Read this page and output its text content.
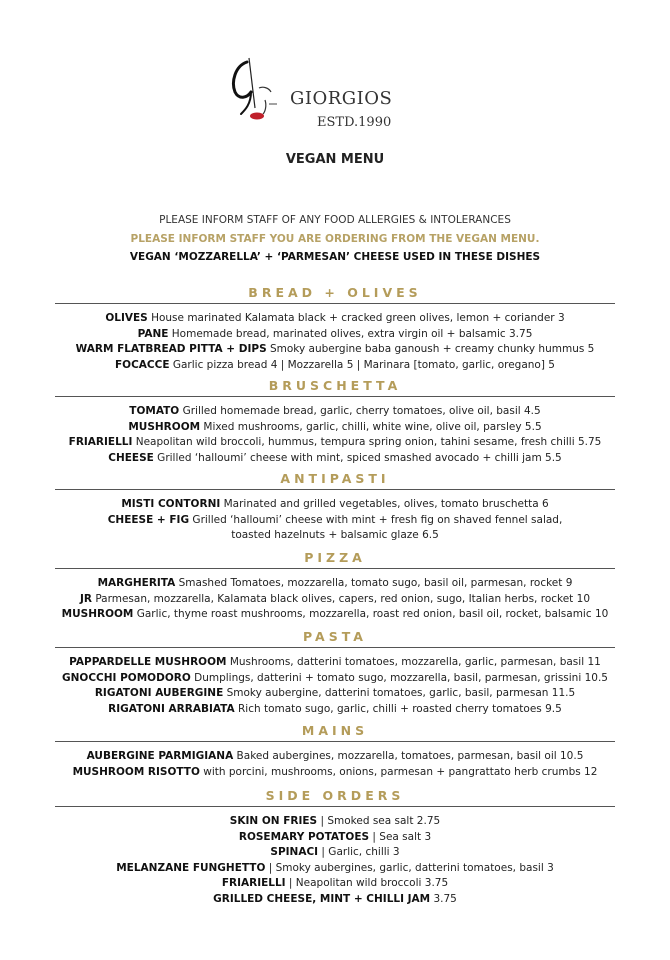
GIORGIOS
ESTD.1990
VEGAN MENU
PLEASE INFORM STAFF OF ANY FOOD ALLERGIES & INTOLERANCES
PLEASE INFORM STAFF YOU ARE ORDERING FROM THE VEGAN MENU.
VEGAN ‘MOZZARELLA’ + ‘PARMESAN’ CHEESE USED IN THESE DISHES
BREAD + OLIVES
OLIVES House marinated Kalamata black + cracked green olives, lemon + coriander 3
PANE Homemade bread, marinated olives, extra virgin oil + balsamic 3.75
WARM FLATBREAD PITTA + DIPS Smoky aubergine baba ganoush + creamy chunky hummus 5
FOCACCE Garlic pizza bread 4 | Mozzarella 5 | Marinara [tomato, garlic, oregano] 5
BRUSCHETTA
TOMATO Grilled homemade bread, garlic, cherry tomatoes, olive oil, basil 4.5
MUSHROOM Mixed mushrooms, garlic, chilli, white wine, olive oil, parsley 5.5
FRIARIELLI Neapolitan wild broccoli, hummus, tempura spring onion, tahini sesame, fresh chilli 5.75
CHEESE Grilled ‘halloumi’ cheese with mint, spiced smashed avocado + chilli jam 5.5
ANTIPASTI
MISTI CONTORNI Marinated and grilled vegetables, olives, tomato bruschetta 6
CHEESE + FIG Grilled ‘halloumi’ cheese with mint + fresh fig on shaved fennel salad,
toasted hazelnuts + balsamic glaze 6.5
PIZZA
MARGHERITA Smashed Tomatoes, mozzarella, tomato sugo, basil oil, parmesan, rocket 9
JR Parmesan, mozzarella, Kalamata black olives, capers, red onion, sugo, Italian herbs, rocket 10
MUSHROOM Garlic, thyme roast mushrooms, mozzarella, roast red onion, basil oil, rocket, balsamic 10
PASTA
PAPPARDELLE MUSHROOM Mushrooms, datterini tomatoes, mozzarella, garlic, parmesan, basil 11
GNOCCHI POMODORO Dumplings, datterini + tomato sugo, mozzarella, basil, parmesan, grissini 10.5
RIGATONI AUBERGINE Smoky aubergine, datterini tomatoes, garlic, basil, parmesan 11.5
RIGATONI ARRABIATA Rich tomato sugo, garlic, chilli + roasted cherry tomatoes 9.5
MAINS
AUBERGINE PARMIGIANA Baked aubergines, mozzarella, tomatoes, parmesan, basil oil 10.5
MUSHROOM RISOTTO with porcini, mushrooms, onions, parmesan + pangrattato herb crumbs 12
SIDE ORDERS
SKIN ON FRIES | Smoked sea salt 2.75
ROSEMARY POTATOES | Sea salt 3
SPINACI | Garlic, chilli 3
MELANZANE FUNGHETTO | Smoky aubergines, garlic, datterini tomatoes, basil 3
FRIARIELLI | Neapolitan wild broccoli 3.75
GRILLED CHEESE, MINT + CHILLI JAM 3.75
